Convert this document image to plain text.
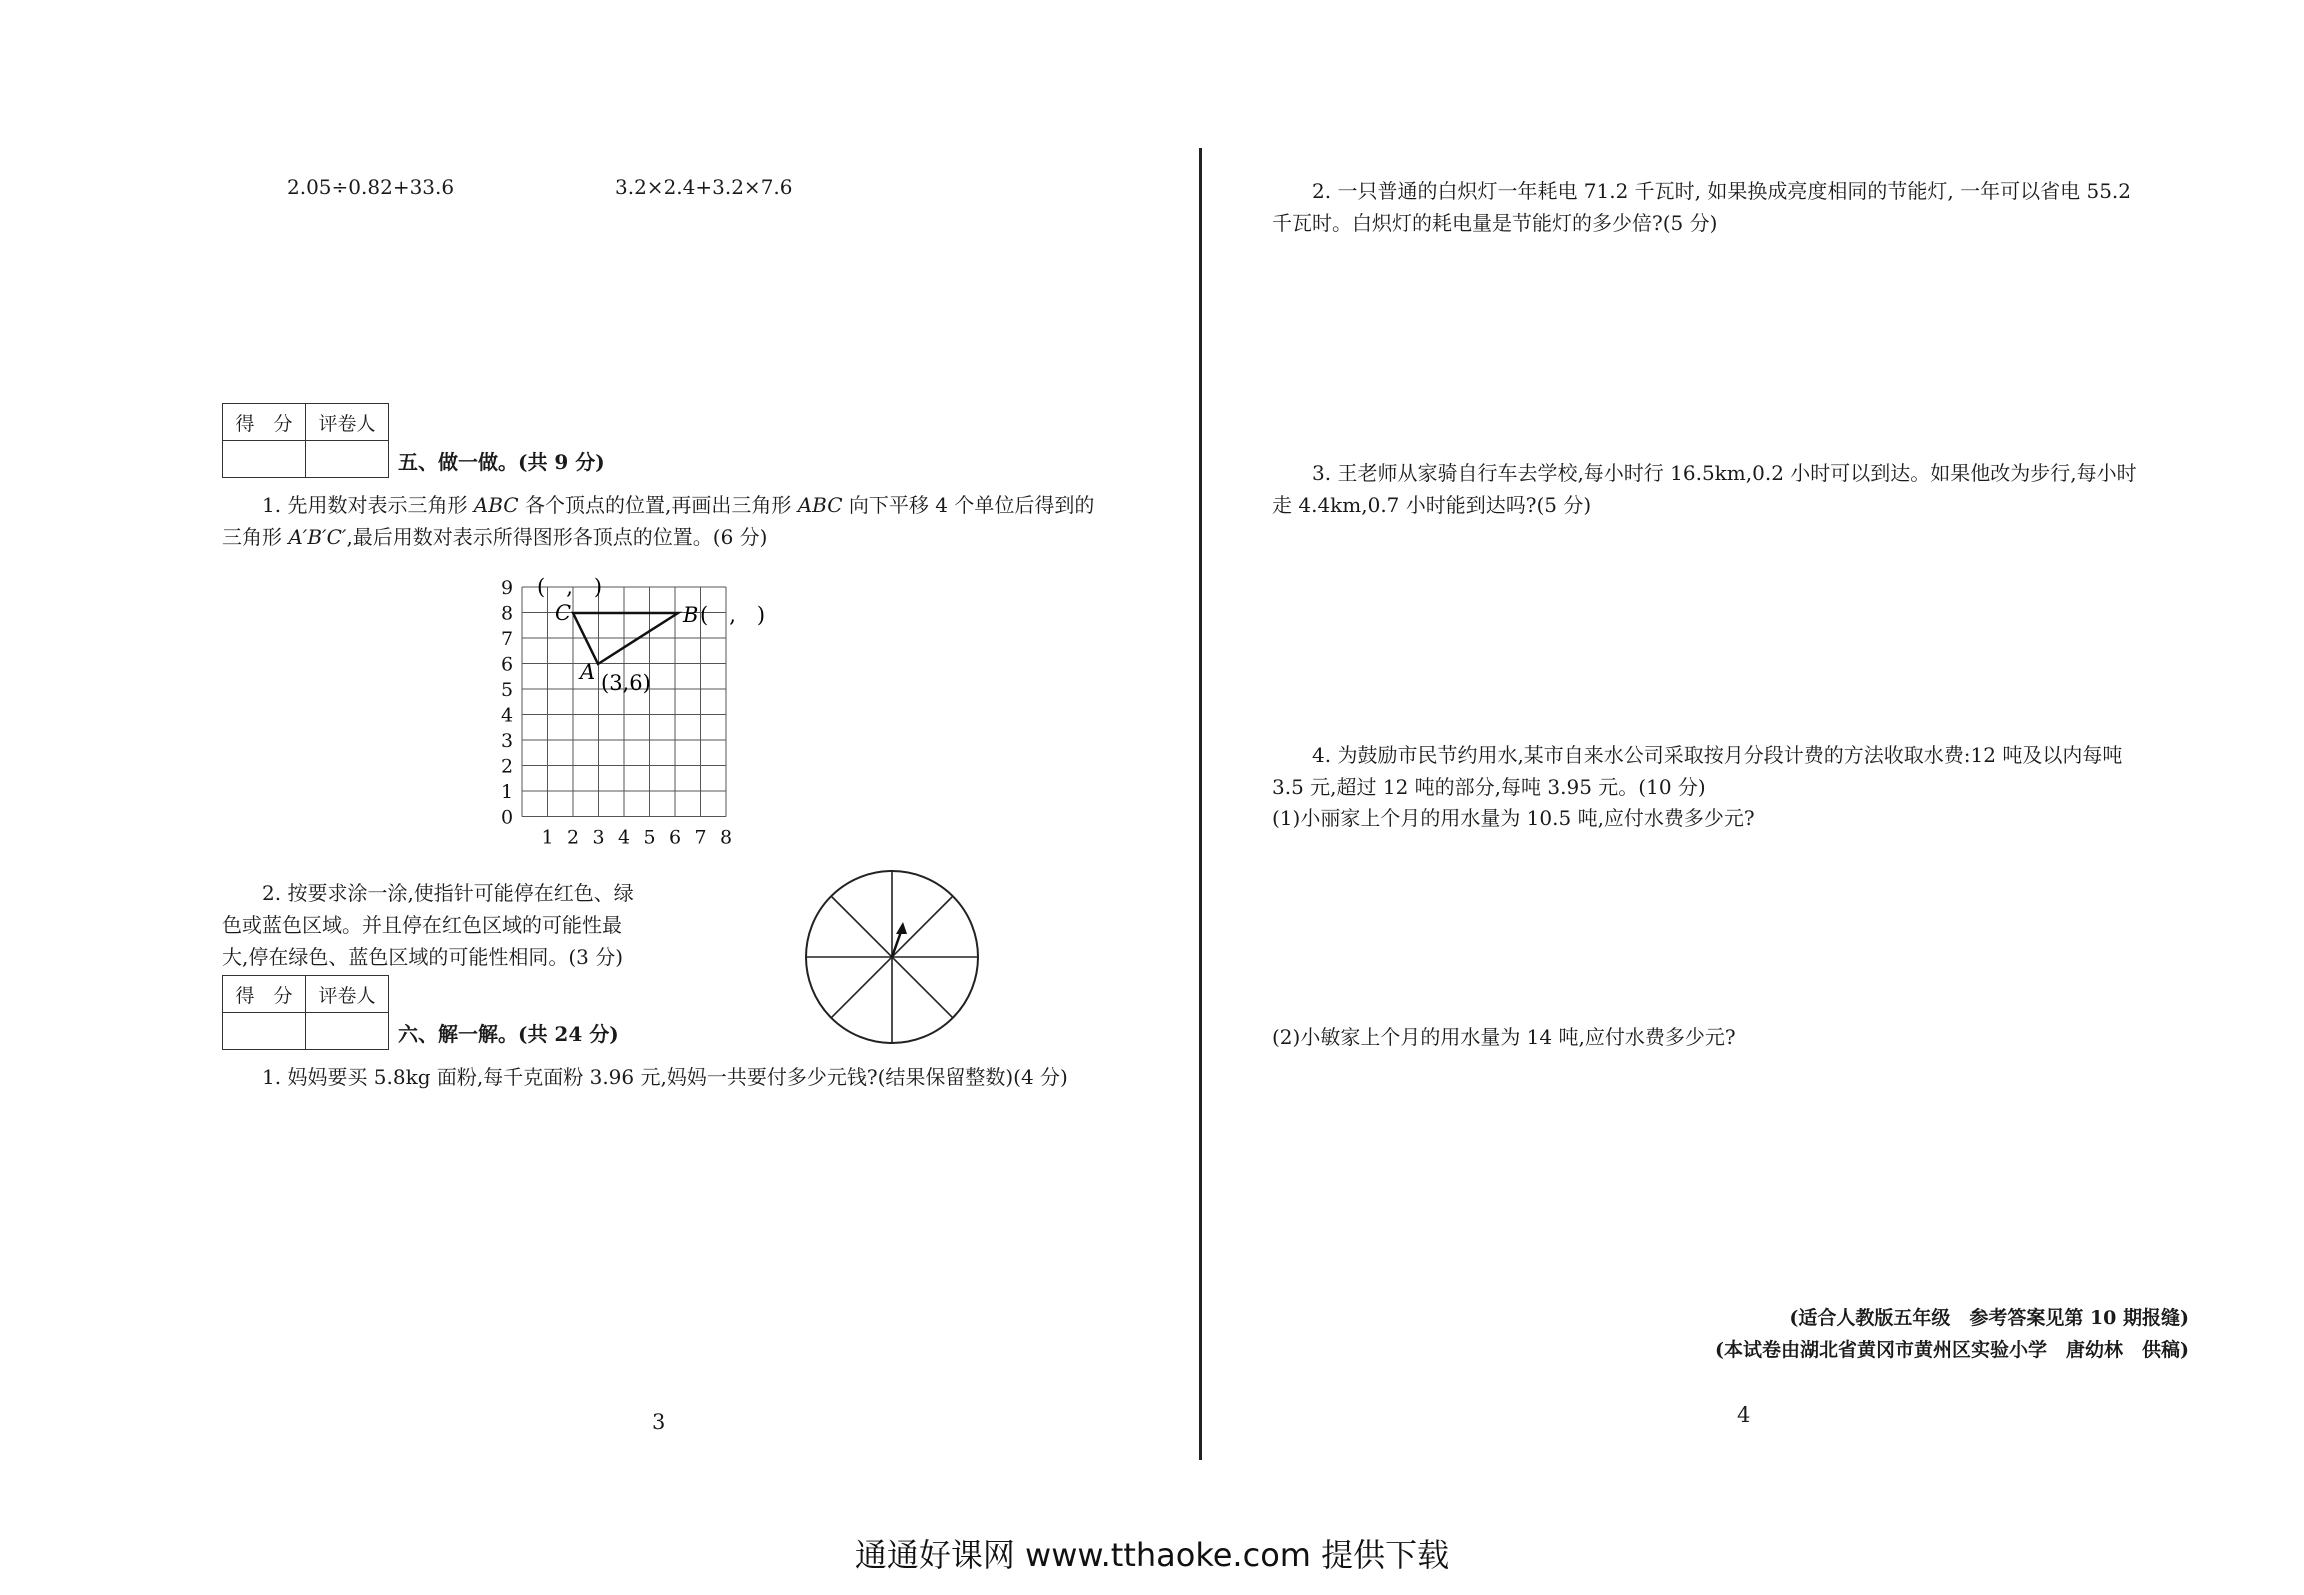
2.05÷0.82+33.6	3.2×2.4+3.2×7.6
得　分	评卷人

五、做一做。(共 9 分)
1. 先用数对表示三角形 ABC 各个顶点的位置,再画出三角形 ABC 向下平移 4 个单位后得到的
三角形 A′B′C′,最后用数对表示所得图形各顶点的位置。(6 分)
9
8
7
6
5
4
3
2
1
0
1 2 3 4 5 6 7 8
C	B
A
(　,　)
(　,　)
(3,6)
2. 按要求涂一涂,使指针可能停在红色、绿
色或蓝色区域。并且停在红色区域的可能性最
大,停在绿色、蓝色区域的可能性相同。(3 分)
得　分	评卷人

六、解一解。(共 24 分)
1. 妈妈要买 5.8kg 面粉,每千克面粉 3.96 元,妈妈一共要付多少元钱?(结果保留整数)(4 分)
3
2. 一只普通的白炽灯一年耗电 71.2 千瓦时, 如果换成亮度相同的节能灯, 一年可以省电 55.2
千瓦时。白炽灯的耗电量是节能灯的多少倍?(5 分)
3. 王老师从家骑自行车去学校,每小时行 16.5km,0.2 小时可以到达。如果他改为步行,每小时
走 4.4km,0.7 小时能到达吗?(5 分)
4. 为鼓励市民节约用水,某市自来水公司采取按月分段计费的方法收取水费:12 吨及以内每吨
3.5 元,超过 12 吨的部分,每吨 3.95 元。(10 分)
(1)小丽家上个月的用水量为 10.5 吨,应付水费多少元?
(2)小敏家上个月的用水量为 14 吨,应付水费多少元?
(适合人教版五年级　参考答案见第 10 期报缝)
(本试卷由湖北省黄冈市黄州区实验小学　唐幼林　供稿)
4
通通好课网 www.tthaoke.com 提供下载
